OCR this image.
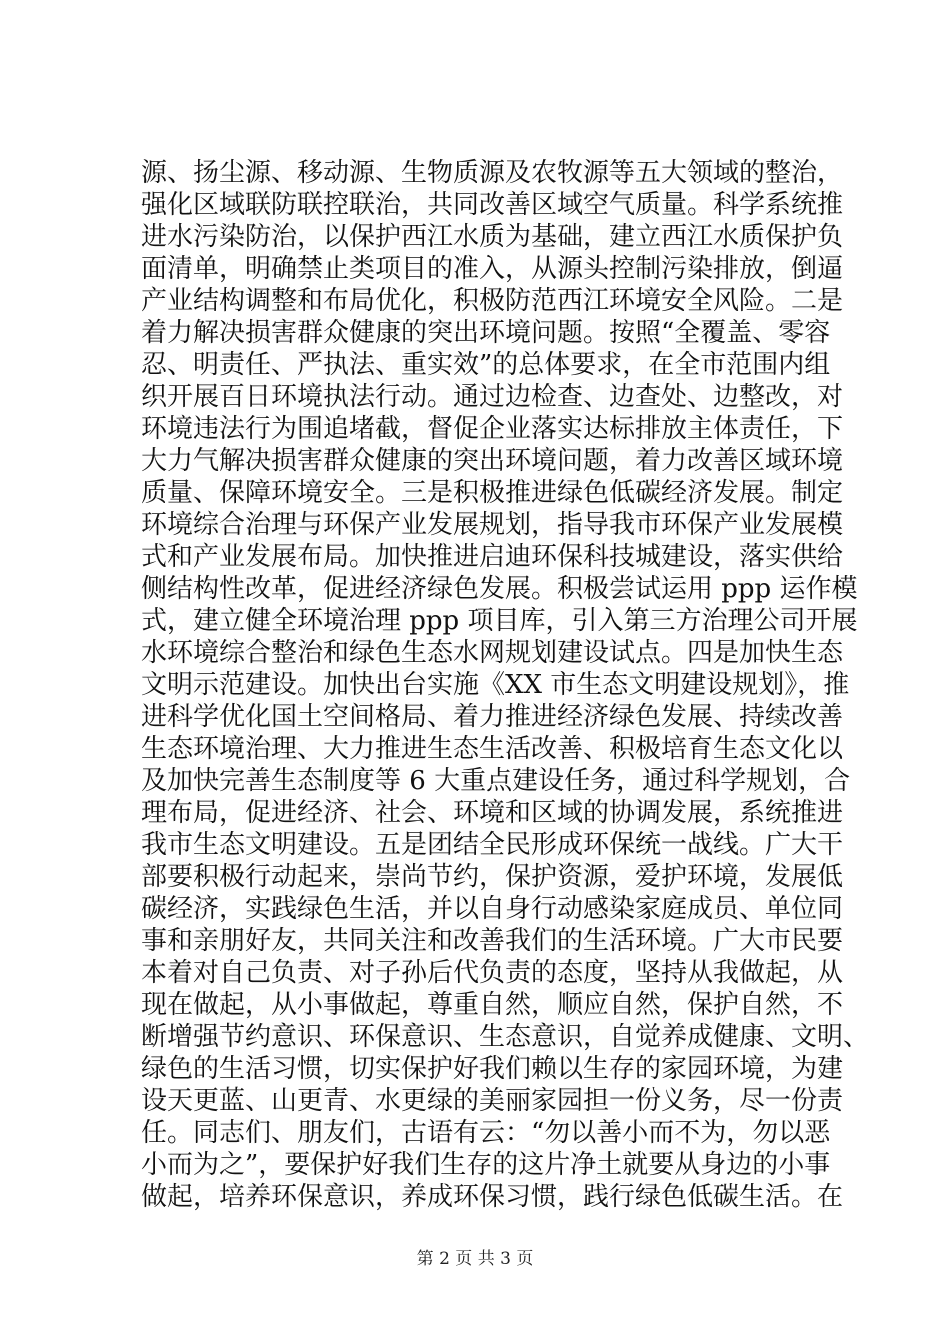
源、扬尘源、移动源、生物质源及农牧源等五大领域的整治，
强化区域联防联控联治，共同改善区域空气质量。科学系统推
进水污染防治，以保护西江水质为基础，建立西江水质保护负
面清单，明确禁止类项目的准入，从源头控制污染排放，倒逼
产业结构调整和布局优化，积极防范西江环境安全风险。二是
着力解决损害群众健康的突出环境问题。按照“全覆盖、零容
忍、明责任、严执法、重实效”的总体要求，在全市范围内组
织开展百日环境执法行动。通过边检查、边查处、边整改，对
环境违法行为围追堵截，督促企业落实达标排放主体责任，下
大力气解决损害群众健康的突出环境问题，着力改善区域环境
质量、保障环境安全。三是积极推进绿色低碳经济发展。制定
环境综合治理与环保产业发展规划，指导我市环保产业发展模
式和产业发展布局。加快推进启迪环保科技城建设，落实供给
侧结构性改革，促进经济绿色发展。积极尝试运用 ppp 运作模
式，建立健全环境治理 ppp 项目库，引入第三方治理公司开展
水环境综合整治和绿色生态水网规划建设试点。四是加快生态
文明示范建设。加快出台实施《XX 市生态文明建设规划》，推
进科学优化国土空间格局、着力推进经济绿色发展、持续改善
生态环境治理、大力推进生态生活改善、积极培育生态文化以
及加快完善生态制度等 6 大重点建设任务，通过科学规划，合
理布局，促进经济、社会、环境和区域的协调发展，系统推进
我市生态文明建设。五是团结全民形成环保统一战线。广大干
部要积极行动起来，崇尚节约，保护资源，爱护环境，发展低
碳经济，实践绿色生活，并以自身行动感染家庭成员、单位同
事和亲朋好友，共同关注和改善我们的生活环境。广大市民要
本着对自己负责、对子孙后代负责的态度，坚持从我做起，从
现在做起，从小事做起，尊重自然，顺应自然，保护自然，不
断增强节约意识、环保意识、生态意识，自觉养成健康、文明、
绿色的生活习惯，切实保护好我们赖以生存的家园环境，为建
设天更蓝、山更青、水更绿的美丽家园担一份义务，尽一份责
任。同志们、朋友们，古语有云：“勿以善小而不为，勿以恶
小而为之”，要保护好我们生存的这片净土就要从身边的小事
做起，培养环保意识，养成环保习惯，践行绿色低碳生活。在
第 2 页 共 3 页
